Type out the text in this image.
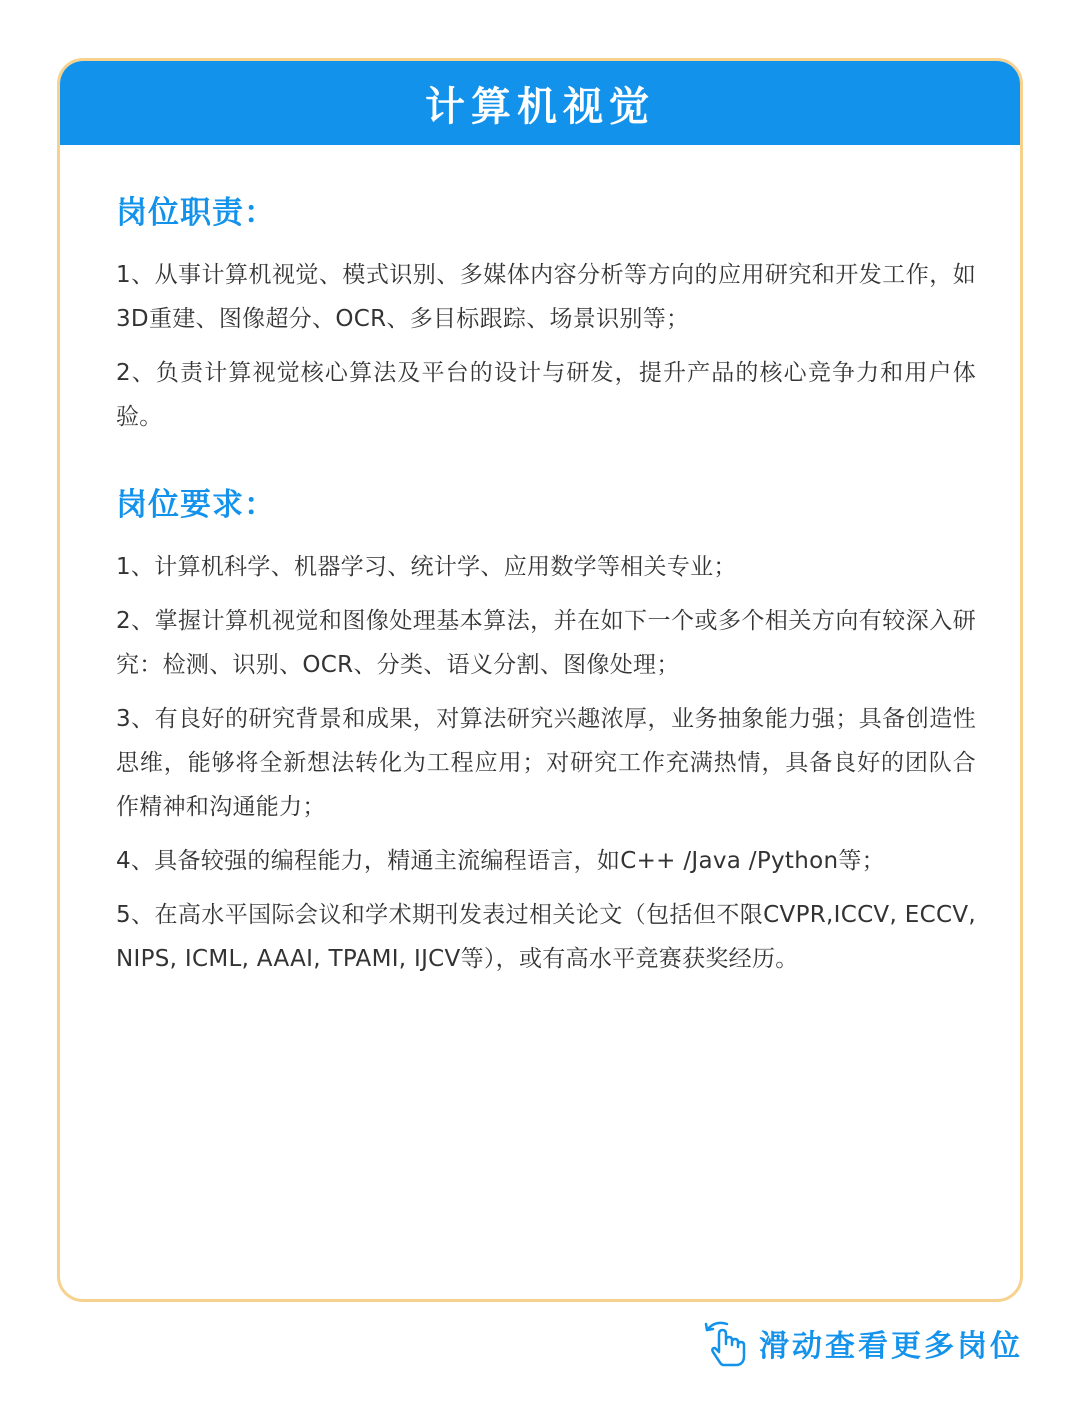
计算机视觉
岗位职责：

1、从事计算机视觉、模式识别、多媒体内容分析等方向的应用研究和开发工作，如3D重建、图像超分、OCR、多目标跟踪、场景识别等；

2、负责计算视觉核心算法及平台的设计与研发，提升产品的核心竞争力和用户体验。

岗位要求：

1、计算机科学、机器学习、统计学、应用数学等相关专业；

2、掌握计算机视觉和图像处理基本算法，并在如下一个或多个相关方向有较深入研究：检测、识别、OCR、分类、语义分割、图像处理；

3、有良好的研究背景和成果，对算法研究兴趣浓厚，业务抽象能力强；具备创造性思维，能够将全新想法转化为工程应用；对研究工作充满热情，具备良好的团队合作精神和沟通能力；

4、具备较强的编程能力，精通主流编程语言，如C++ /Java /Python等；

5、在高水平国际会议和学术期刊发表过相关论文（包括但不限CVPR,ICCV, ECCV, NIPS, ICML, AAAI, TPAMI, IJCV等），或有高水平竞赛获奖经历。

滑动查看更多岗位
